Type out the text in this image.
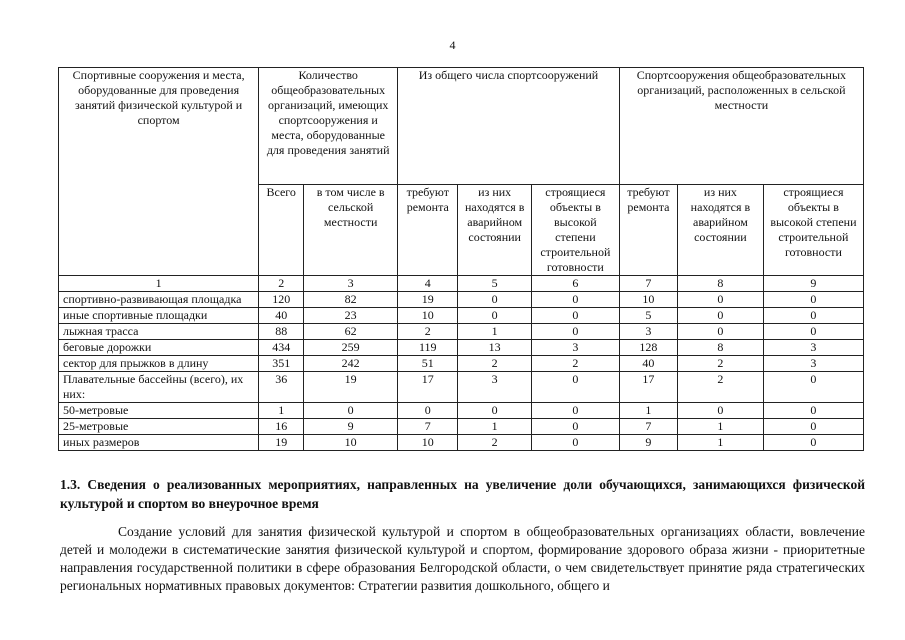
4
Спортивные сооружения и места, оборудованные для проведения занятий физической культурой и спортом	Количество общеобразовательных организаций, имеющих спортсооружения и места, оборудованные для проведения занятий		Из общего числа спортсооружений			Спортсооружения общеобразовательных организаций, расположенных в сельской местности		
	Всего	в том числе в сельской местности	требуют ремонта	из них находятся в аварийном состоянии	строящиеся объекты в высокой степени строительной готовности	требуют ремонта	из них находятся в аварийном состоянии	строящиеся объекты в высокой степени строительной готовности
1	2	3	4	5	6	7	8	9
спортивно-развивающая площадка	120	82	19	0	0	10	0	0
иные спортивные площадки	40	23	10	0	0	5	0	0
лыжная трасса	88	62	2	1	0	3	0	0
беговые дорожки	434	259	119	13	3	128	8	3
сектор для прыжков в длину	351	242	51	2	2	40	2	3
Плавательные бассейны (всего), их них:	36	19	17	3	0	17	2	0
50-метровые	1	0	0	0	0	1	0	0
25-метровые	16	9	7	1	0	7	1	0
иных размеров	19	10	10	2	0	9	1	0
1.3. Сведения о реализованных мероприятиях, направленных на увеличение доли обучающихся, занимающихся физической культурой и спортом во внеурочное время
Создание условий для занятия физической культурой и спортом в общеобразовательных организациях области, вовлечение детей и молодежи в систематические занятия физической культурой и спортом, формирование здорового образа жизни - приоритетные направления государственной политики в сфере образования Белгородской области, о чем свидетельствует принятие ряда стратегических региональных нормативных правовых документов: Стратегии развития дошкольного, общего и
